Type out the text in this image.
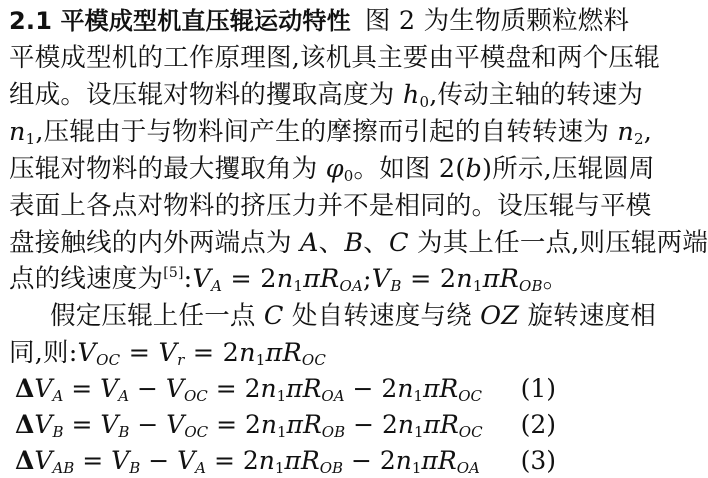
2.1 平模成型机直压辊运动特性 图 2 为生物质颗粒燃料
平模成型机的工作原理图,该机具主要由平模盘和两个压辊
组成。设压辊对物料的攫取高度为 $h_0$,传动主轴的转速为
$n_1$,压辊由于与物料间产生的摩擦而引起的自转转速为 $n_2$,
压辊对物料的最大攫取角为 $\varphi_0$。如图 2(b)所示,压辊圆周
表面上各点对物料的挤压力并不是相同的。设压辊与平模
盘接触线的内外两端点为 A、B、C 为其上任一点,则压辊两端
点的线速度为$[5]:V_A$ = $2n_1\pi R_{OA};V_B = 2n_1\pi R_{OB}$。
假定压辊上任一点 C 处自转速度与绕 OZ 旋转速度相
同,则$:V_{OC} = V_r = 2n_1\pi R_{OC}$
$\Delta V_A = V_A - V_{OC} = 2n_1\pi R_{OA} - 2n_1\pi R_{OC}$ (1)
$\Delta V_B = V_B - V_{OC} = 2n_1\pi R_{OB} - 2n_1\pi R_{OC}$ (2)
$\Delta V_{AB} = V_B - V_A = 2n_1\pi R_{OB} - 2n_1\pi R_{OA}$ (3)
